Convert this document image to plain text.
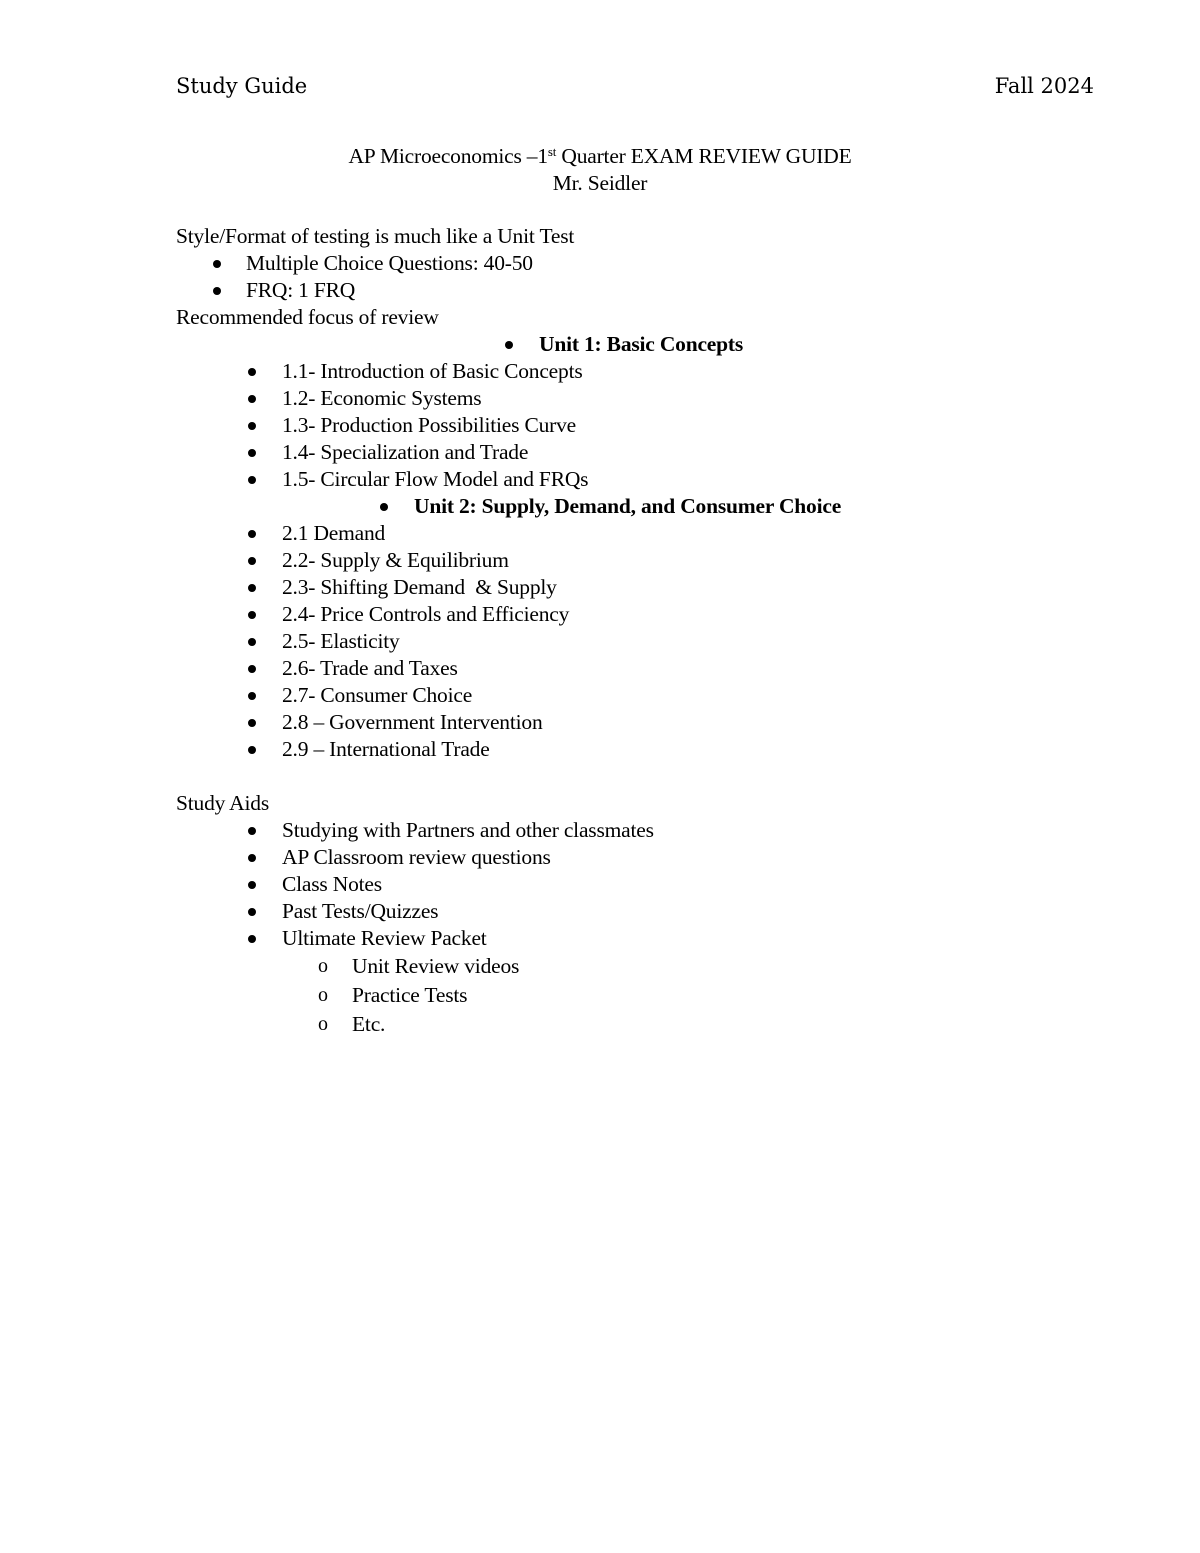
Study Guide	Fall 2024
AP Microeconomics –1st Quarter EXAM REVIEW GUIDE
Mr. Seidler
Style/Format of testing is much like a Unit Test
Multiple Choice Questions: 40-50
FRQ: 1 FRQ
Recommended focus of review
Unit 1: Basic Concepts
1.1- Introduction of Basic Concepts
1.2- Economic Systems
1.3- Production Possibilities Curve
1.4- Specialization and Trade
1.5- Circular Flow Model and FRQs
Unit 2: Supply, Demand, and Consumer Choice
2.1 Demand
2.2- Supply & Equilibrium
2.3- Shifting Demand  & Supply
2.4- Price Controls and Efficiency
2.5- Elasticity
2.6- Trade and Taxes
2.7- Consumer Choice
2.8 – Government Intervention
2.9 – International Trade
Study Aids
Studying with Partners and other classmates
AP Classroom review questions
Class Notes
Past Tests/Quizzes
Ultimate Review Packet
o Unit Review videos
o Practice Tests
o Etc.
